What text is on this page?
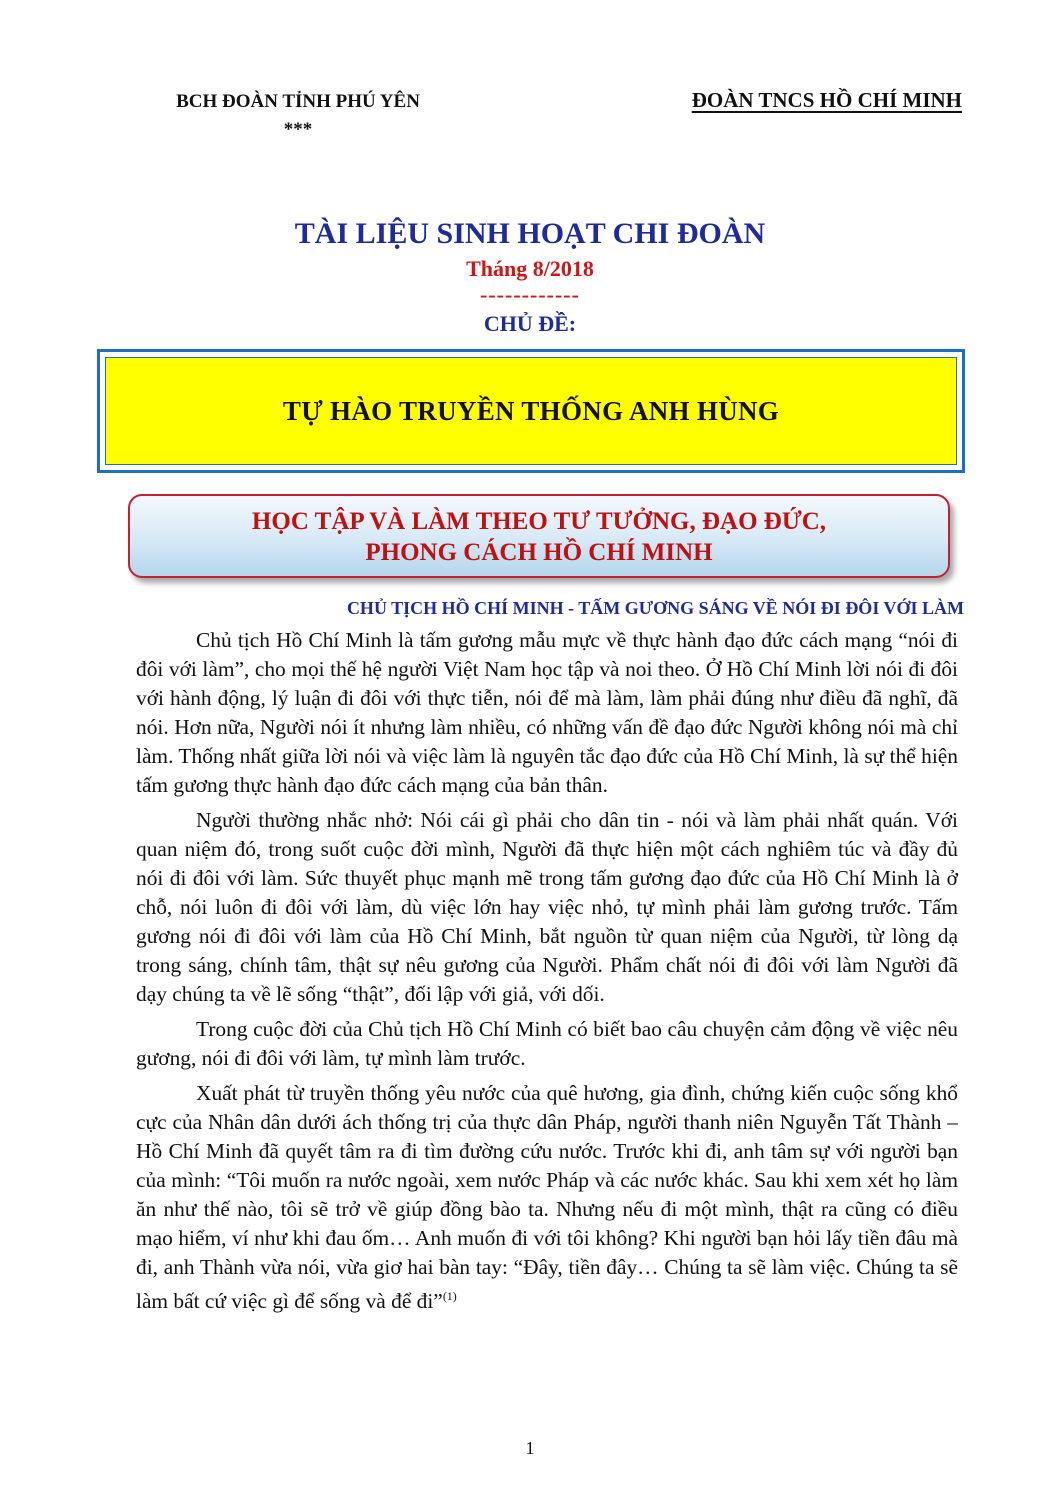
BCH ĐOÀN TỈNH PHÚ YÊN
***
ĐOÀN TNCS HỒ CHÍ MINH
TÀI LIỆU SINH HOẠT CHI ĐOÀN
Tháng 8/2018
------------
CHỦ ĐỀ:
TỰ HÀO TRUYỀN THỐNG ANH HÙNG
HỌC TẬP VÀ LÀM THEO TƯ TƯỞNG, ĐẠO ĐỨC,
PHONG CÁCH HỒ CHÍ MINH
CHỦ TỊCH HỒ CHÍ MINH - TẤM GƯƠNG SÁNG VỀ NÓI ĐI ĐÔI VỚI LÀM

Chủ tịch Hồ Chí Minh là tấm gương mẫu mực về thực hành đạo đức cách mạng “nói đi đôi với làm”, cho mọi thế hệ người Việt Nam học tập và noi theo. Ở Hồ Chí Minh lời nói đi đôi với hành động, lý luận đi đôi với thực tiễn, nói để mà làm, làm phải đúng như điều đã nghĩ, đã nói. Hơn nữa, Người nói ít nhưng làm nhiều, có những vấn đề đạo đức Người không nói mà chỉ làm. Thống nhất giữa lời nói và việc làm là nguyên tắc đạo đức của Hồ Chí Minh, là sự thể hiện tấm gương thực hành đạo đức cách mạng của bản thân.

Người thường nhắc nhở: Nói cái gì phải cho dân tin - nói và làm phải nhất quán. Với quan niệm đó, trong suốt cuộc đời mình, Người đã thực hiện một cách nghiêm túc và đầy đủ nói đi đôi với làm. Sức thuyết phục mạnh mẽ trong tấm gương đạo đức của Hồ Chí Minh là ở chỗ, nói luôn đi đôi với làm, dù việc lớn hay việc nhỏ, tự mình phải làm gương trước. Tấm gương nói đi đôi với làm của Hồ Chí Minh, bắt nguồn từ quan niệm của Người, từ lòng dạ trong sáng, chính tâm, thật sự nêu gương của Người. Phẩm chất nói đi đôi với làm Người đã dạy chúng ta về lẽ sống “thật”, đối lập với giả, với dối.

Trong cuộc đời của Chủ tịch Hồ Chí Minh có biết bao câu chuyện cảm động về việc nêu gương, nói đi đôi với làm, tự mình làm trước.

Xuất phát từ truyền thống yêu nước của quê hương, gia đình, chứng kiến cuộc sống khổ cực của Nhân dân dưới ách thống trị của thực dân Pháp, người thanh niên Nguyễn Tất Thành – Hồ Chí Minh đã quyết tâm ra đi tìm đường cứu nước. Trước khi đi, anh tâm sự với người bạn của mình: “Tôi muốn ra nước ngoài, xem nước Pháp và các nước khác. Sau khi xem xét họ làm ăn như thế nào, tôi sẽ trở về giúp đồng bào ta. Nhưng nếu đi một mình, thật ra cũng có điều mạo hiểm, ví như khi đau ốm… Anh muốn đi với tôi không? Khi người bạn hỏi lấy tiền đâu mà đi, anh Thành vừa nói, vừa giơ hai bàn tay: “Đây, tiền đây… Chúng ta sẽ làm việc. Chúng ta sẽ làm bất cứ việc gì để sống và để đi”$^{(1)}$

1
